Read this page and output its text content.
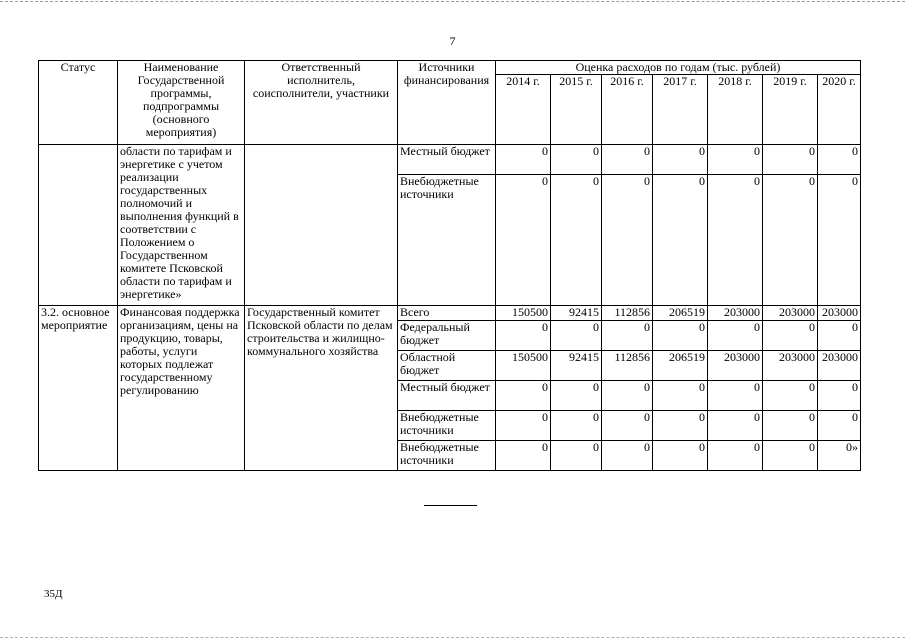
7
Статус	Наименование Государственной программы, подпрограммы (основного мероприятия)	Ответственный исполнитель, соисполнители, участники	Источники финансирования	Оценка расходов по годам (тыс. рублей)						
				2014 г.	2015 г.	2016 г.	2017 г.	2018 г.	2019 г.	2020 г.
	области по тарифам и энергетике с учетом реализации государственных полномочий и выполнения функций в соответствии с Положением о Государственном комитете Псковской области по тарифам и энергетике»		Местный бюджет	0	0	0	0	0	0	0
			Внебюджетные источники	0	0	0	0	0	0	0
3.2. основное мероприятие	Финансовая поддержка организациям, цены на продукцию, товары, работы, услуги которых подлежат государственному регулированию	Государственный комитет Псковской области по делам строительства и жилищно-коммунального хозяйства	Всего	150500	92415	112856	206519	203000	203000	203000
			Федеральный бюджет	0	0	0	0	0	0	0
			Областной бюджет	150500	92415	112856	206519	203000	203000	203000
			Местный бюджет	0	0	0	0	0	0	0
			Внебюджетные источники	0	0	0	0	0	0	0
			Внебюджетные источники	0	0	0	0	0	0	0»
35Д
